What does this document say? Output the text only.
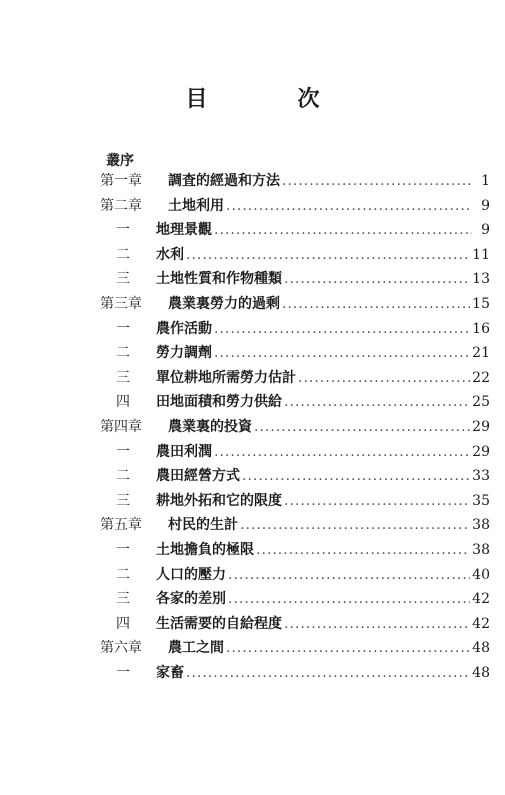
目　次
叢序
第一章	調査的經過和方法 .....	1
第二章	土地利用 .....	9
一	地理景觀 .....	9
二	水利 .....	11
三	土地性質和作物種類 .....	13
第三章	農業裏勞力的過剩 .....	15
一	農作活動 .....	16
二	勞力調劑 .....	21
三	單位耕地所需勞力估計 .....	22
四	田地面積和勞力供給 .....	25
第四章	農業裏的投資 .....	29
一	農田利潤 .....	29
二	農田經營方式 .....	33
三	耕地外拓和它的限度 .....	35
第五章	村民的生計 .....	38
一	土地擔負的極限 .....	38
二	人口的壓力 .....	40
三	各家的差別 .....	42
四	生活需要的自給程度 .....	42
第六章	農工之間 .....	48
一	家畜 .....	48
